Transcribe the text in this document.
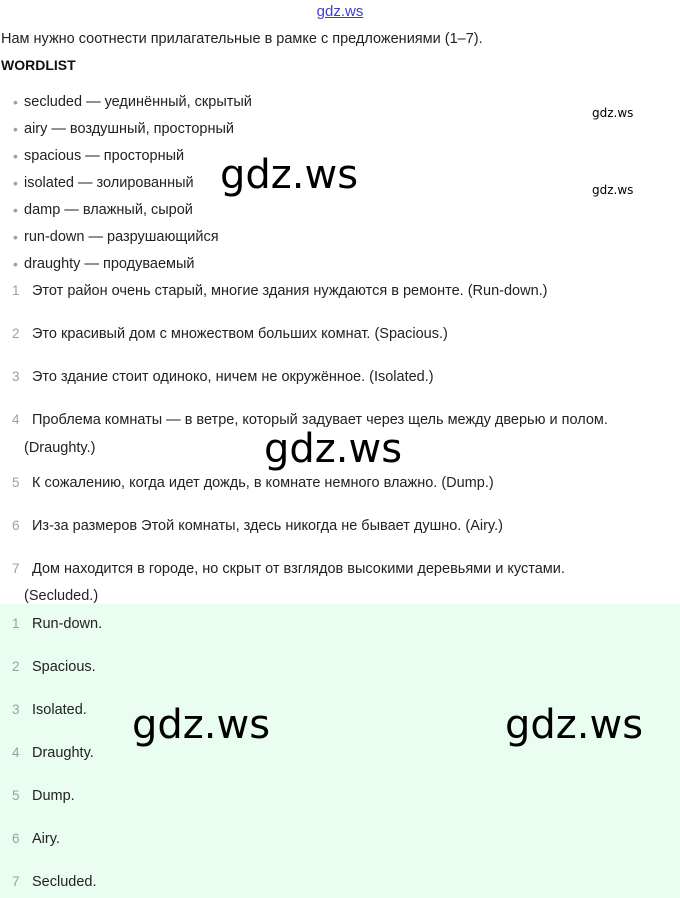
gdz.ws
Нам нужно соотнести прилагательные в рамке с предложениями (1–7).
WORDLIST
• secluded — уединённый, скрытый
• airy — воздушный, просторный
• spacious — просторный
• isolated — золированный
• damp — влажный, сырой
• run-down — разрушающийся
• draughty — продуваемый
1 Этот район очень старый, многие здания нуждаются в ремонте. (Run-down.)
2 Это красивый дом с множеством больших комнат. (Spacious.)
3 Это здание стоит одиноко, ничем не окружённое. (Isolated.)
4 Проблема комнаты — в ветре, который задувает через щель между дверью и полом.
(Draughty.)
5 К сожалению, когда идет дождь, в комнате немного влажно. (Dump.)
6 Из-за размеров Этой комнаты, здесь никогда не бывает душно. (Airy.)
7 Дом находится в городе, но скрыт от взглядов высокими деревьями и кустами.
(Secluded.)
1 Run-down.
2 Spacious.
3 Isolated.
4 Draughty.
5 Dump.
6 Airy.
7 Secluded.
gdz.ws
gdz.ws
gdz.ws
gdz.ws
gdz.ws	gdz.ws
